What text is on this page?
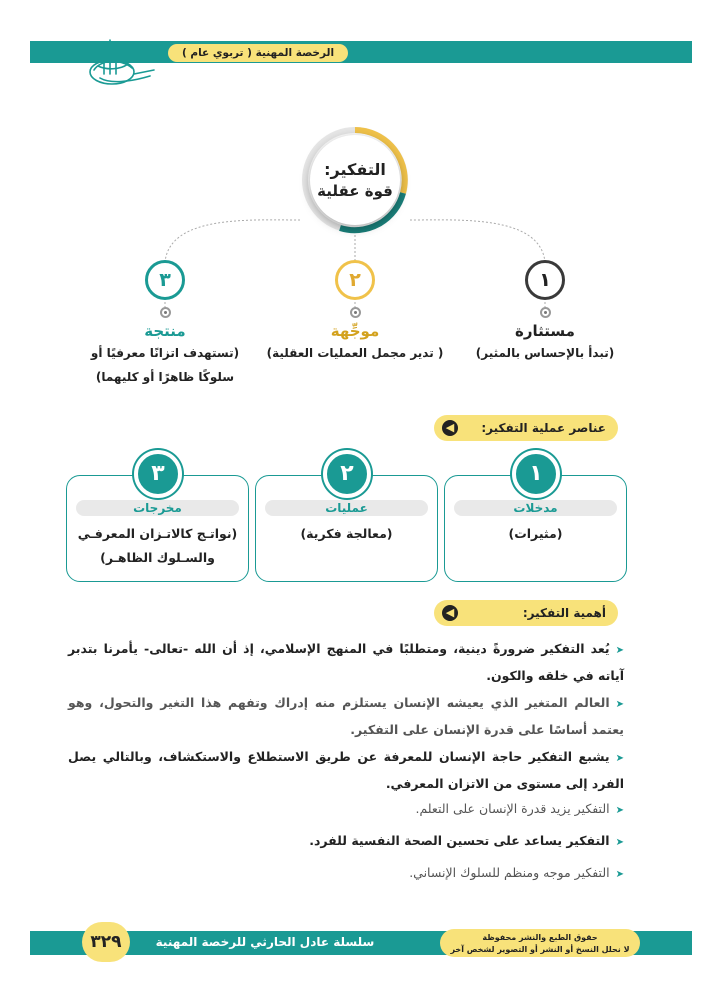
الرخصة المهنية ( تربوي عام )
التفكير:
قوة عقلية
١
مستثارة
(تبدأ بالإحساس بالمثير)
٢
موجِّهة
( تدير مجمل العمليات العقلية)
٣
منتجة
(تستهدف اتزانًا معرفيًا أو
سلوكًا ظاهرًا أو كليهما)
عناصر عملية التفكير:
◀
١
مدخلات
(مثيرات)
٢
عمليات
(معالجة فكرية)
٣
مخرجات
(نواتـج كالاتـزان المعرفـي
والسـلوك الظاهـر)
أهمية التفكير:
◀
➤يُعد التفكير ضرورةً دينية، ومتطلبًا في المنهج الإسلامي، إذ أن الله -تعالى- يأمرنا بتدبر آياته في خلقه والكون.
➤العالم المتغير الذي يعيشه الإنسان يستلزم منه إدراك وتفهم هذا التغير والتحول، وهو يعتمد أساسًا على قدرة الإنسان على التفكير.
➤يشبع التفكير حاجة الإنسان للمعرفة عن طريق الاستطلاع والاستكشاف، وبالتالي يصل الفرد إلى مستوى من الاتزان المعرفي.
➤التفكير يزيد قدرة الإنسان على التعلم.
➤التفكير يساعد على تحسين الصحة النفسية للفرد.
➤التفكير موجه ومنظم للسلوك الإنساني.
سلسلة عادل الحارثي للرخصة المهنية	حقوق الطبع والنشر محفوظة
لا نحلل النسخ أو النشر أو التصوير لشخص آخر
٣٢٩
